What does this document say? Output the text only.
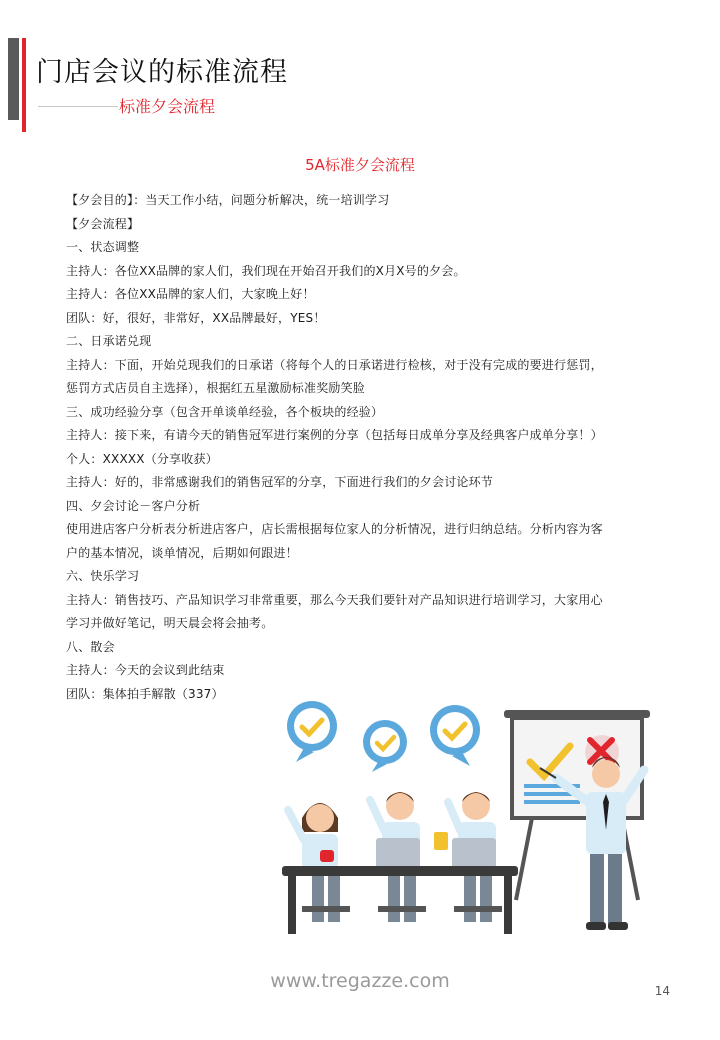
门店会议的标准流程
标准夕会流程
5A标准夕会流程
【夕会目的】：当天工作小结，问题分析解决，统一培训学习
【夕会流程】
一、状态调整
主持人：各位XX品牌的家人们，我们现在开始召开我们的X月X号的夕会。
主持人：各位XX品牌的家人们，大家晚上好！
团队：好，很好，非常好，XX品牌最好，YES！
二、日承诺兑现
主持人：下面，开始兑现我们的日承诺（将每个人的日承诺进行检核，对于没有完成的要进行惩罚，
惩罚方式店员自主选择），根据红五星激励标准奖励笑脸
三、成功经验分享（包含开单谈单经验，各个板块的经验）
主持人：接下来，有请今天的销售冠军进行案例的分享（包括每日成单分享及经典客户成单分享！）
个人：XXXXX（分享收获）
主持人：好的，非常感谢我们的销售冠军的分享，下面进行我们的夕会讨论环节
四、夕会讨论－客户分析
使用进店客户分析表分析进店客户，店长需根据每位家人的分析情况，进行归纳总结。分析内容为客
户的基本情况，谈单情况，后期如何跟进！
六、快乐学习
主持人：销售技巧、产品知识学习非常重要，那么今天我们要针对产品知识进行培训学习，大家用心
学习并做好笔记，明天晨会将会抽考。
八、散会
主持人：今天的会议到此结束
团队：集体拍手解散（337）
www.tregazze.com	14
